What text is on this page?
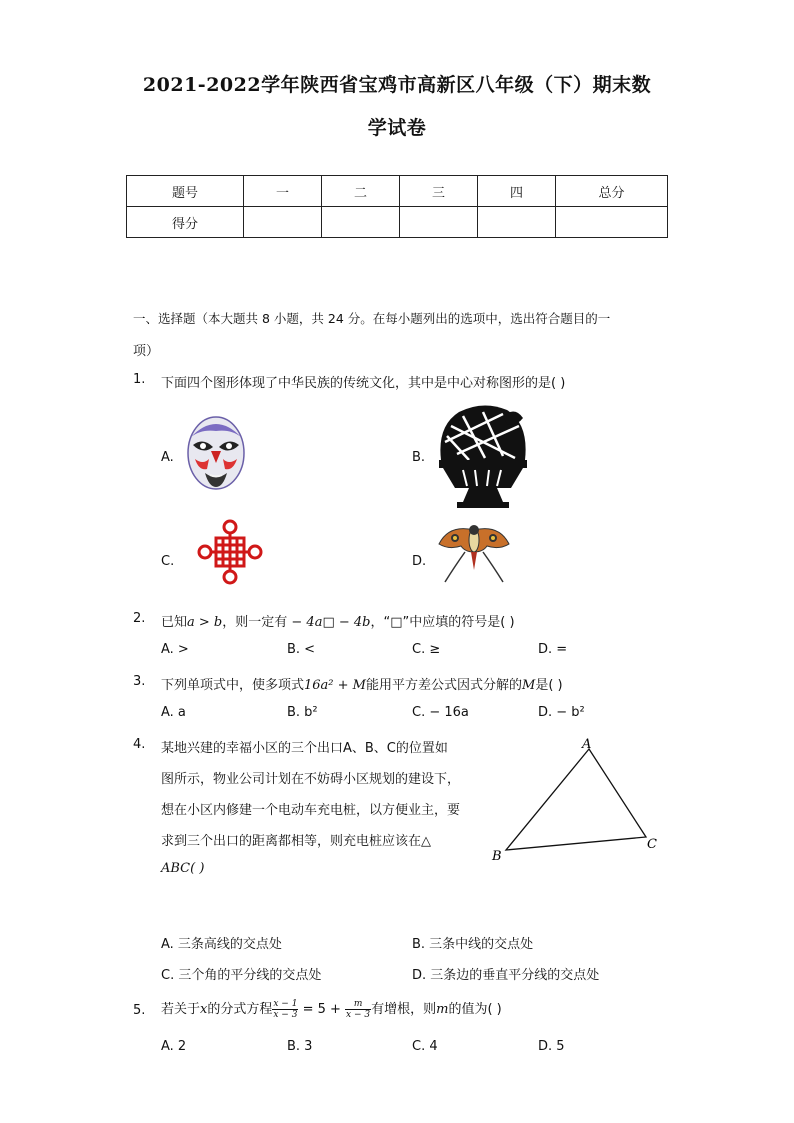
2021-2022学年陕西省宝鸡市高新区八年级（下）期末数
学试卷
题号	一	二	三	四	总分
得分					
一、选择题（本大题共 8 小题，共 24 分。在每小题列出的选项中，选出符合题目的一
项）
1. 下面四个图形体现了中华民族的传统文化，其中是中心对称图形的是( )
A.	B.
C.	D.
2. 已知a > b，则一定有 − 4a□ − 4b，“□”中应填的符号是( )
A. >	B. <	C. ≥	D. =
3. 下列单项式中，使多项式16a² + M能用平方差公式因式分解的M是( )
A. a	B. b²	C. − 16a	D. − b²
4. 某地兴建的幸福小区的三个出口A、B、C的位置如
图所示，物业公司计划在不妨碍小区规划的建设下，
想在小区内修建一个电动车充电桩，以方便业主，要
求到三个出口的距离都相等，则充电桩应该在△
ABC( )
A
B
C
A. 三条高线的交点处	B. 三条中线的交点处
C. 三个角的平分线的交点处	D. 三条边的垂直平分线的交点处
5. 若关于x的分式方程 $\frac{x - 1}{x - 3} = 5 + \frac{m}{x - 3}$ 有增根，则m的值为( )
A. 2	B. 3	C. 4	D. 5
